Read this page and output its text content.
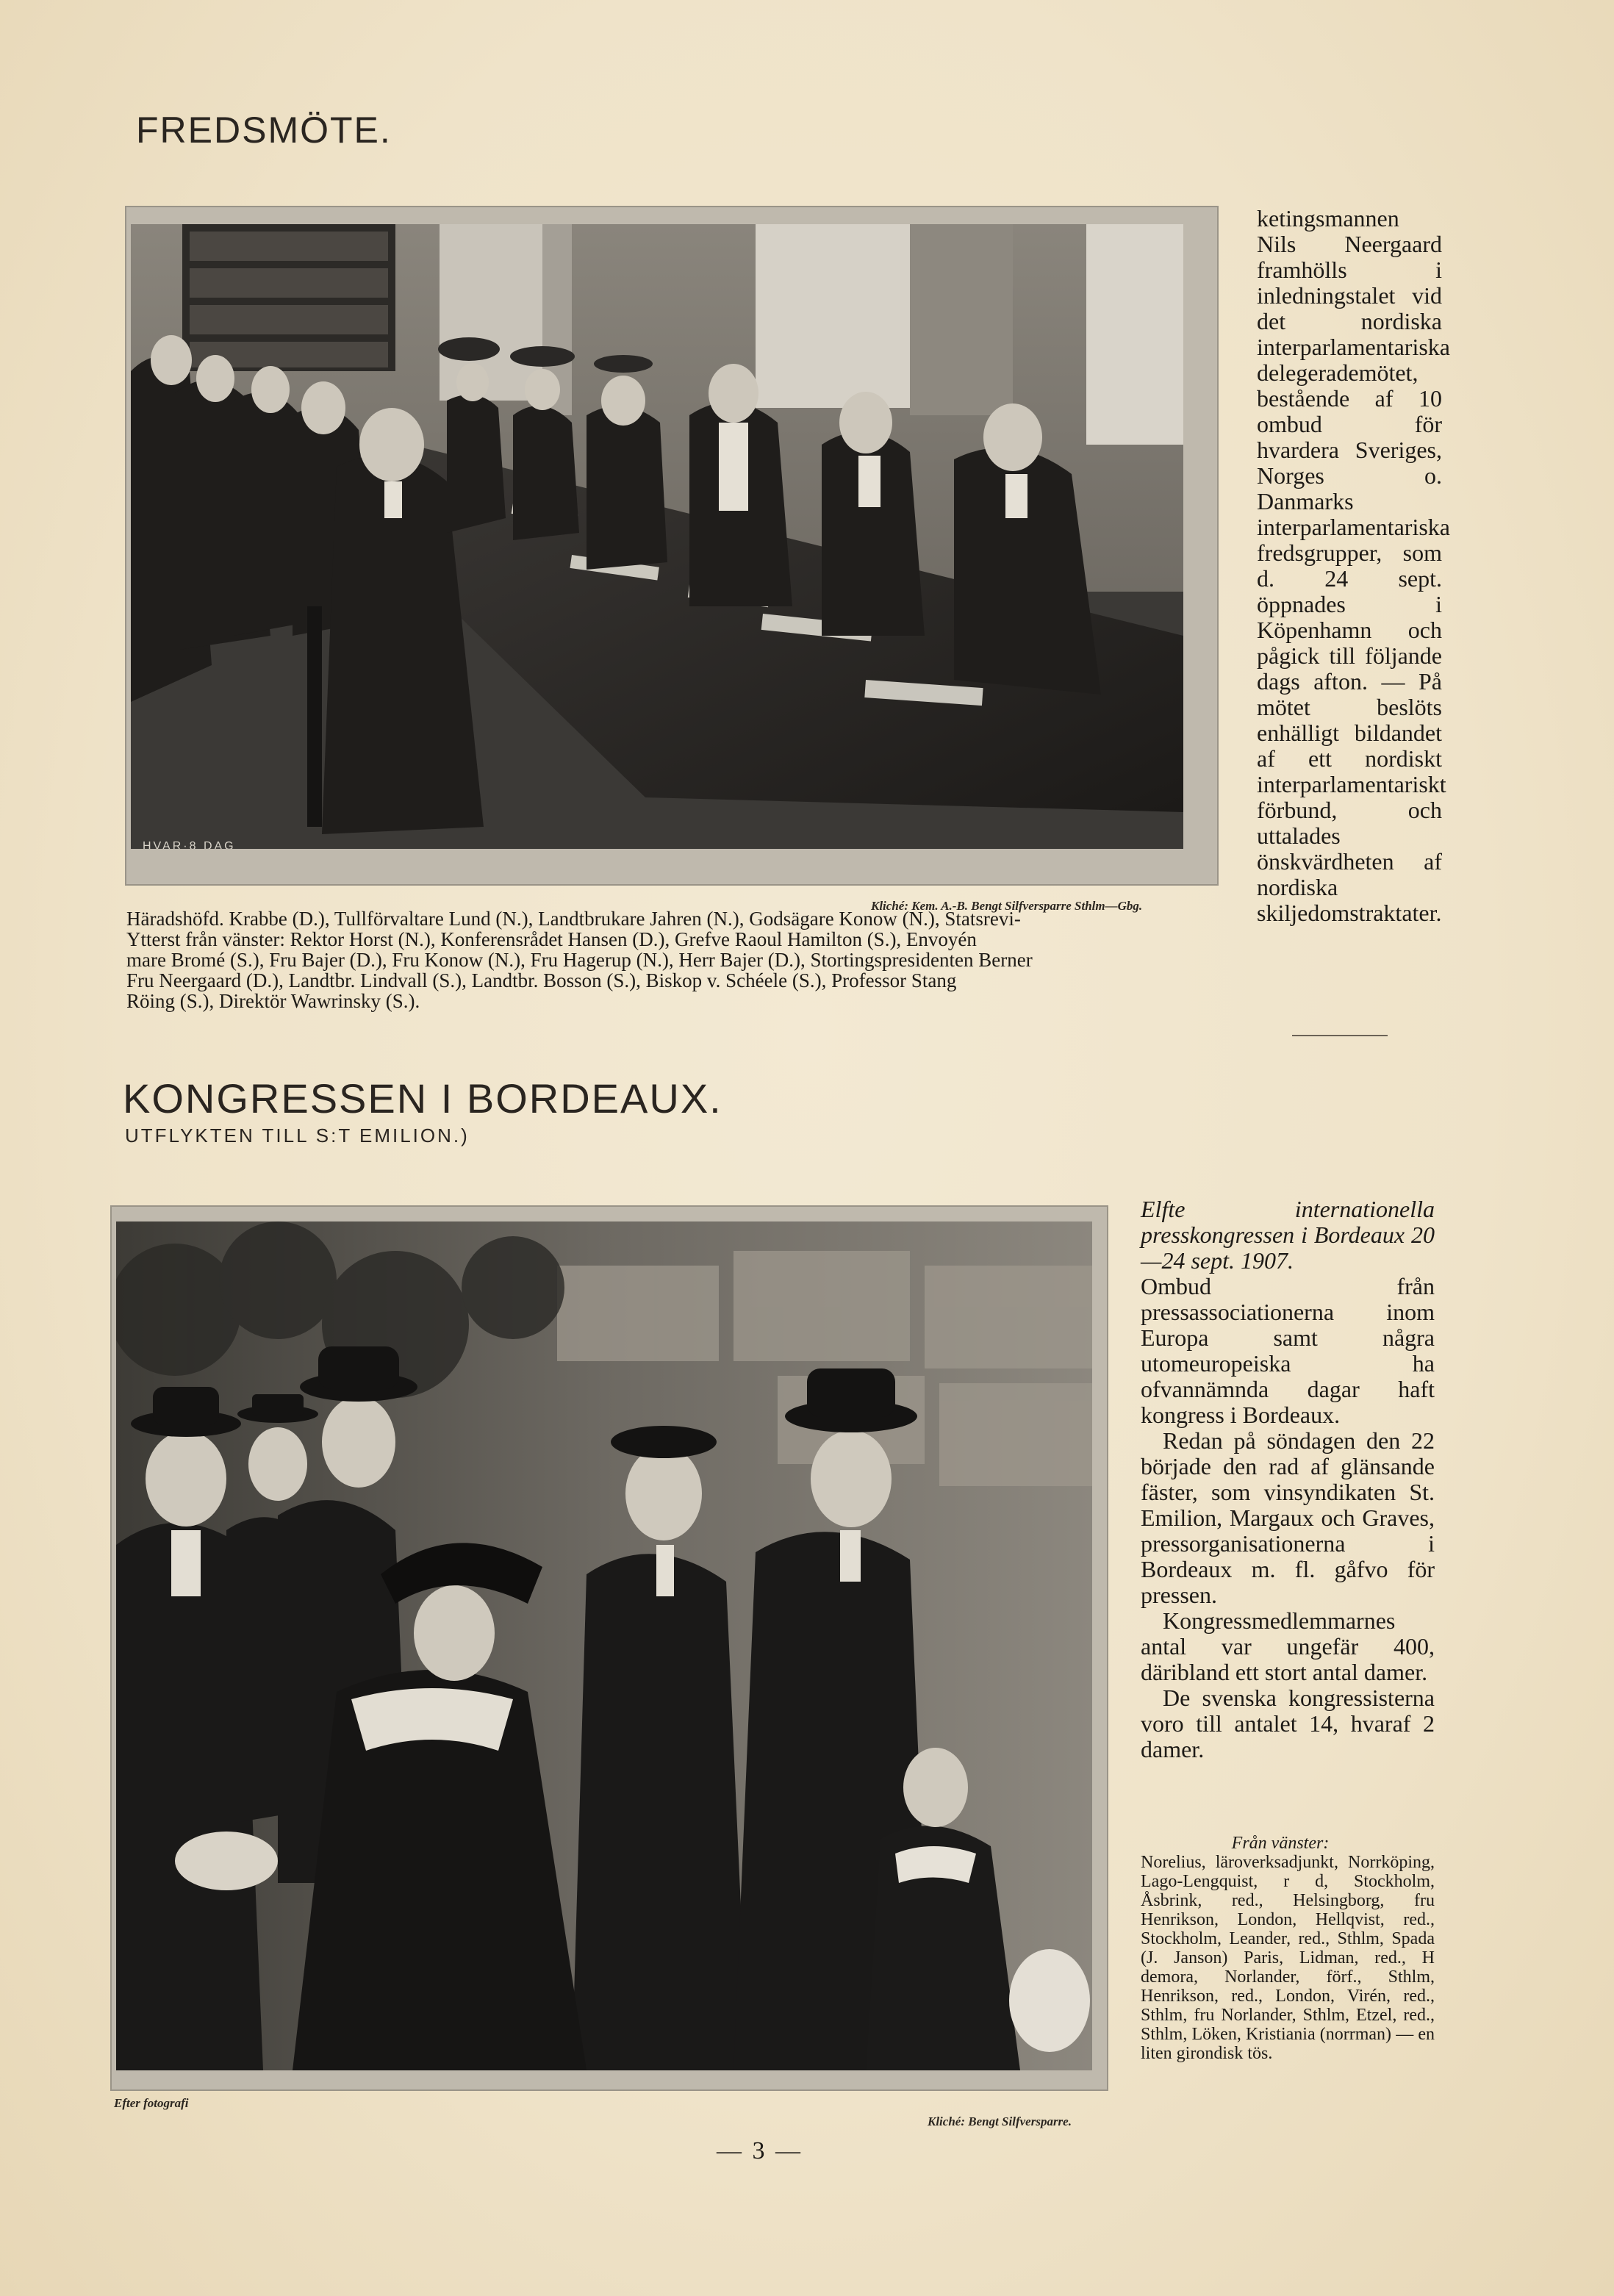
FREDSMÖTE.
HVAR·8 DAG
Kliché: Kem. A.-B. Bengt Silfversparre Sthlm—Gbg.
Häradshöfd. Krabbe (D.), Tullförvaltare Lund (N.), Landtbrukare Jahren (N.), Godsägare Konow (N.), Statsrevi-
Ytterst från vänster: Rektor Horst (N.), Konferensrådet Hansen (D.), Grefve Raoul Hamilton (S.), Envoyén
mare Bromé (S.), Fru Bajer (D.), Fru Konow (N.), Fru Hagerup (N.), Herr Bajer (D.), Stortingspresidenten Berner
Fru Neergaard (D.), Landtbr. Lindvall (S.), Landtbr. Bosson (S.), Biskop v. Schéele (S.), Professor Stang
Röing (S.), Direktör Wawrinsky (S.).

ketingsmannen Nils Neergaard framhölls i inledningstalet vid det nordiska interparlamentariska delegerademötet, bestående af 10 ombud för hvardera Sveriges, Norges o. Danmarks interparlamentariska fredsgrupper, som d. 24 sept. öppnades i Köpenhamn och pågick till följande dags afton. — På mötet beslöts enhälligt bildandet af ett nordiskt interparlamentariskt förbund, och uttalades önskvärdheten af nordiska skiljedomstraktater.

KONGRESSEN I BORDEAUX.
UTFLYKTEN TILL S:T EMILION.)
Efter fotografi
Kliché: Bengt Silfversparre.

Elfte internationella presskongressen i Bordeaux 20—24 sept. 1907.

Ombud från pressassociationerna inom Europa samt några utomeuropeiska ha ofvannämnda dagar haft kongress i Bordeaux.

Redan på söndagen den 22 började den rad af glänsande fäster, som vinsyndikaten St. Emilion, Margaux och Graves, pressorganisationerna i Bordeaux m. fl. gåfvo för pressen.

Kongressmedlemmarnes antal var ungefär 400, däribland ett stort antal damer.

De svenska kongressisterna voro till antalet 14, hvaraf 2 damer.

Från vänster:
Norelius, läroverksadjunkt, Norrköping, Lago-Lengquist, r d, Stockholm, Åsbrink, red., Helsingborg, fru Henrikson, London, Hellqvist, red., Stockholm, Leander, red., Sthlm, Spada (J. Janson) Paris, Lidman, red., H demora, Norlander, förf., Sthlm, Henrikson, red., London, Virén, red., Sthlm, fru Norlander, Sthlm, Etzel, red., Sthlm, Löken, Kristiania (norrman) — en liten girondisk tös.
— 3 —
